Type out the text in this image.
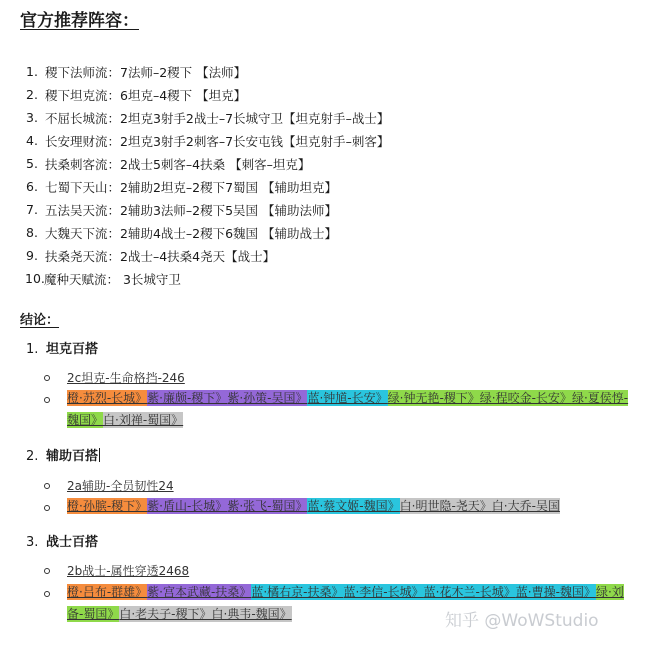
官方推荐阵容：
1. 稷下法师流：7法师–2稷下 【法师】
2. 稷下坦克流：6坦克–4稷下 【坦克】
3. 不屈长城流：2坦克3射手2战士–7长城守卫【坦克射手–战士】
4. 长安理财流：2坦克3射手2刺客–7长安屯钱【坦克射手–刺客】
5. 扶桑刺客流：2战士5刺客–4扶桑 【刺客–坦克】
6. 七蜀下天山：2辅助2坦克–2稷下7蜀国 【辅助坦克】
7. 五法吴天流：2辅助3法师–2稷下5吴国 【辅助法师】
8. 大魏天下流：2辅助4战士–2稷下6魏国 【辅助战士】
9. 扶桑尧天流：2战士–4扶桑4尧天【战士】
10. 魔种天赋流： 3长城守卫
结论：
1. 坦克百搭
2c坦克-生命格挡-246
橙·苏烈-长城》紫·廉颇-稷下》紫·孙策-吴国》蓝·钟馗-长安》绿·钟无艳-稷下》绿·程咬金-长安》绿·夏侯惇-魏国》白·刘禅-蜀国》
2. 辅助百搭
2a辅助-全员韧性24
橙·孙膑-稷下》紫·盾山-长城》紫·张飞-蜀国》蓝·蔡文姬-魏国》白·明世隐-尧天》白·大乔-吴国
3. 战士百搭
2b战士-属性穿透2468
橙·吕布-群雄》紫·宫本武藏-扶桑》蓝·橘右京-扶桑》蓝·李信-长城》蓝·花木兰-长城》蓝·曹操-魏国》绿·刘备-蜀国》白·老夫子-稷下》白·典韦-魏国》	知乎 @WoWStudio
